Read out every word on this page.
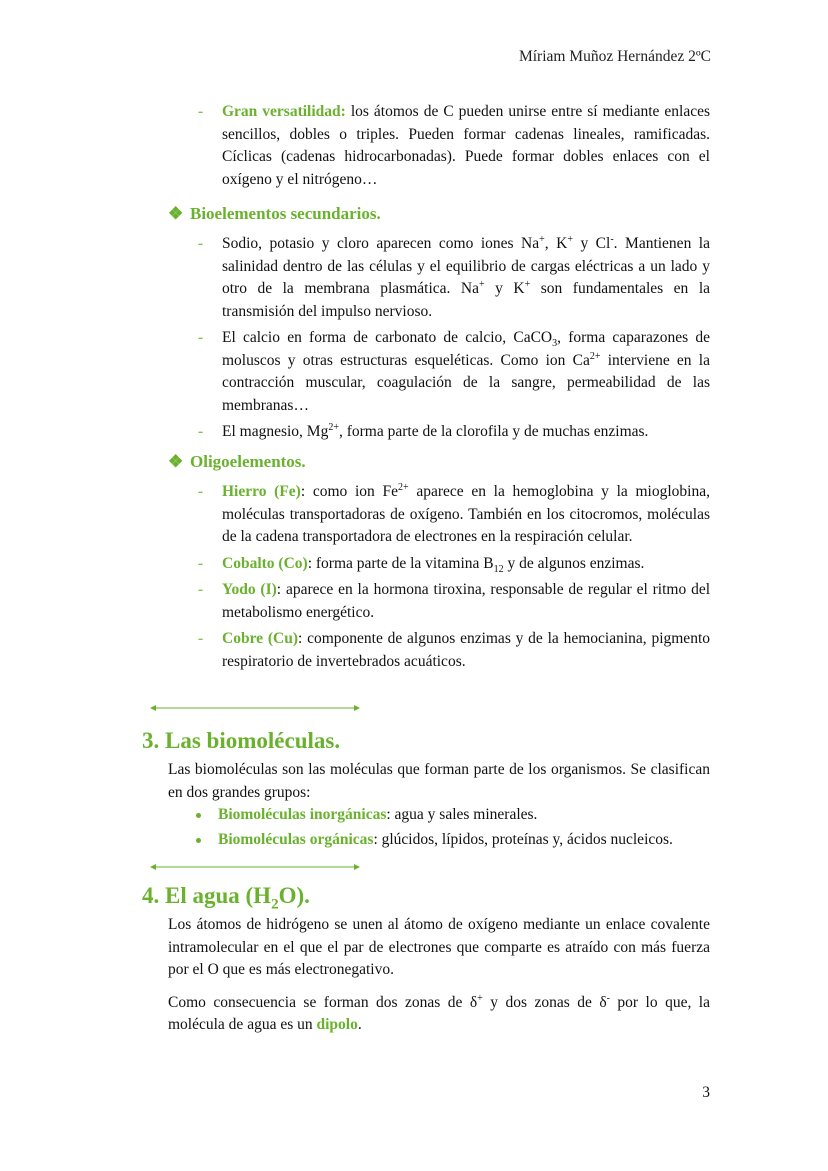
Míriam Muñoz Hernández 2ºC
- Gran versatilidad: los átomos de C pueden unirse entre sí mediante enlaces sencillos, dobles o triples. Pueden formar cadenas lineales, ramificadas. Cíclicas (cadenas hidrocarbonadas). Puede formar dobles enlaces con el oxígeno y el nitrógeno…
❖ Bioelementos secundarios.
- Sodio, potasio y cloro aparecen como iones Na+, K+ y Cl-. Mantienen la salinidad dentro de las células y el equilibrio de cargas eléctricas a un lado y otro de la membrana plasmática. Na+ y K+ son fundamentales en la transmisión del impulso nervioso.
- El calcio en forma de carbonato de calcio, CaCO$_3$, forma caparazones de moluscos y otras estructuras esqueléticas. Como ion $Ca^{2+}$ interviene en la contracción muscular, coagulación de la sangre, permeabilidad de las membranas…
- El magnesio, $Mg^{2+}$, forma parte de la clorofila y de muchas enzimas.
❖ Oligoelementos.
- Hierro (Fe): como ion $Fe^{2+}$ aparece en la hemoglobina y la mioglobina, moléculas transportadoras de oxígeno. También en los citocromos, moléculas de la cadena transportadora de electrones en la respiración celular.
- Cobalto (Co): forma parte de la vitamina $B_{12}$ y de algunos enzimas.
- Yodo (I): aparece en la hormona tiroxina, responsable de regular el ritmo del metabolismo energético.
- Cobre (Cu): componente de algunos enzimas y de la hemocianina, pigmento respiratorio de invertebrados acuáticos.
3. Las biomoléculas.
Las biomoléculas son las moléculas que forman parte de los organismos. Se clasifican en dos grandes grupos:
Biomoléculas inorgánicas: agua y sales minerales.
Biomoléculas orgánicas: glúcidos, lípidos, proteínas y, ácidos nucleicos.
4. El agua $(H_2O)$.
Los átomos de hidrógeno se unen al átomo de oxígeno mediante un enlace covalente intramolecular en el que el par de electrones que comparte es atraído con más fuerza por el O que es más electronegativo.
Como consecuencia se forman dos zonas de δ+ y dos zonas de δ- por lo que, la molécula de agua es un dipolo.
3
